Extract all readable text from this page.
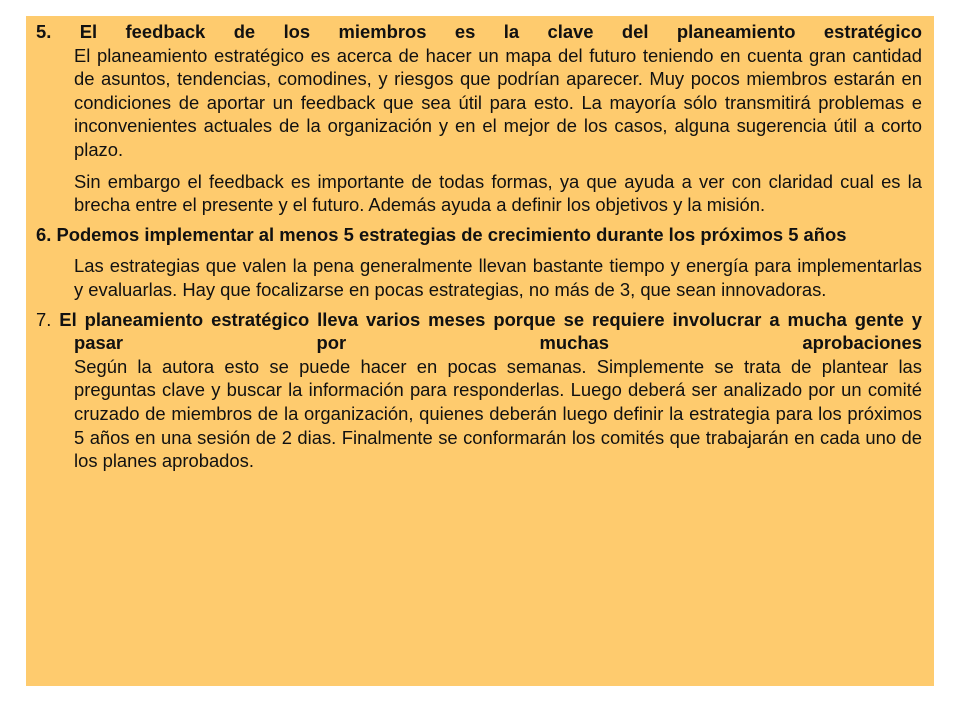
5. El feedback de los miembros es la clave del planeamiento estratégico

El planeamiento estratégico es acerca de hacer un mapa del futuro teniendo en cuenta gran cantidad de asuntos, tendencias, comodines, y riesgos que podrían aparecer. Muy pocos miembros estarán en condiciones de aportar un feedback que sea útil para esto. La mayoría sólo transmitirá problemas e inconvenientes actuales de la organización y en el mejor de los casos, alguna sugerencia útil a corto plazo.

Sin embargo el feedback es importante de todas formas, ya que ayuda a ver con claridad cual es la brecha entre el presente y el futuro. Además ayuda a definir los objetivos y la misión.

6. Podemos implementar al menos 5 estrategias de crecimiento durante los próximos 5 años

Las estrategias que valen la pena generalmente llevan bastante tiempo y energía para implementarlas y evaluarlas. Hay que focalizarse en pocas estrategias, no más de 3, que sean innovadoras.

7. El planeamiento estratégico lleva varios meses porque se requiere involucrar a mucha gente y pasar por muchas aprobaciones

Según la autora esto se puede hacer en pocas semanas. Simplemente se trata de plantear las preguntas clave y buscar la información para responderlas. Luego deberá ser analizado por un comité cruzado de miembros de la organización, quienes deberán luego definir la estrategia para los próximos 5 años en una sesión de 2 dias. Finalmente se conformarán los comités que trabajarán en cada uno de los planes aprobados.
